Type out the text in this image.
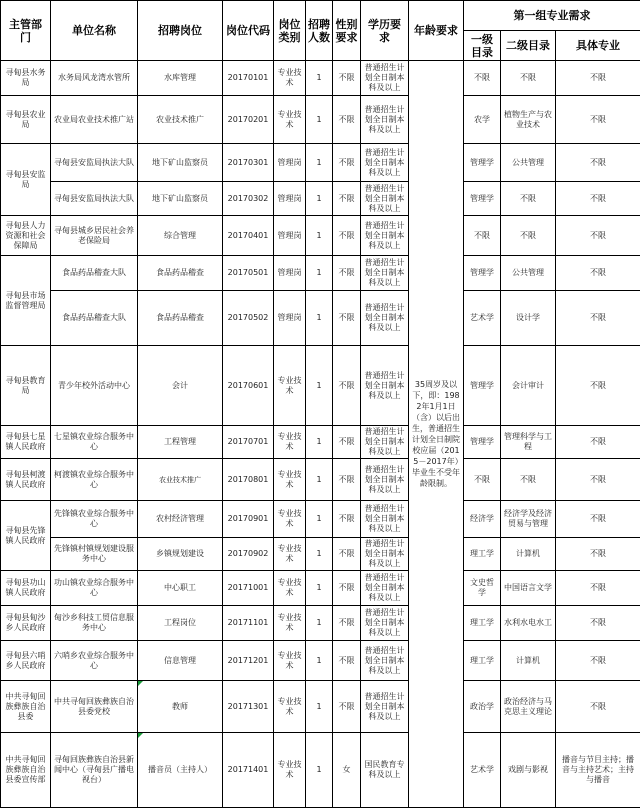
主管部门	单位名称	招聘岗位	岗位代码	岗位类别	招聘人数	性别要求	学历要求	年龄要求	第一组专业需求		
									一级目录	二级目录	具体专业
寻甸县水务局	水务局风龙湾水管所	水库管理	20170101	专业技术	1	不限	普通招生计划全日制本科及以上	35周岁及以下，即：1982年1月1日（含）以后出生，普通招生计划全日制院校应届（2015－2017年）毕业生不受年龄限制。	不限	不限	不限
寻甸县农业局	农业局农业技术推广站	农业技术推广	20170201	专业技术	1	不限	普通招生计划全日制本科及以上		农学	植物生产与农业技术	不限
寻甸县安监局	寻甸县安监局执法大队	地下矿山监察员	20170301	管理岗	1	不限	普通招生计划全日制本科及以上		管理学	公共管理	不限
	寻甸县安监局执法大队	地下矿山监察员	20170302	管理岗	1	不限	普通招生计划全日制本科及以上		管理学	不限	不限
寻甸县人力资源和社会保障局	寻甸县城乡居民社会养老保险局	综合管理	20170401	管理岗	1	不限	普通招生计划全日制本科及以上		不限	不限	不限
寻甸县市场监督管理局	食品药品稽查大队	食品药品稽查	20170501	管理岗	1	不限	普通招生计划全日制本科及以上		管理学	公共管理	不限
	食品药品稽查大队	食品药品稽查	20170502	管理岗	1	不限	普通招生计划全日制本科及以上		艺术学	设计学	不限
寻甸县教育局	青少年校外活动中心	会计	20170601	专业技术	1	不限	普通招生计划全日制本科及以上		管理学	会计审计	不限
寻甸县七星镇人民政府	七星镇农业综合服务中心	工程管理	20170701	专业技术	1	不限	普通招生计划全日制本科及以上		管理学	管理科学与工程	不限
寻甸县柯渡镇人民政府	柯渡镇农业综合服务中心	农业技术推广	20170801	专业技术	1	不限	普通招生计划全日制本科及以上		不限	不限	不限
寻甸县先锋镇人民政府	先锋镇农业综合服务中心	农村经济管理	20170901	专业技术	1	不限	普通招生计划全日制本科及以上		经济学	经济学及经济贸易与管理	不限
	先锋镇村镇规划建设服务中心	乡镇规划建设	20170902	专业技术	1	不限	普通招生计划全日制本科及以上		理工学	计算机	不限
寻甸县功山镇人民政府	功山镇农业综合服务中心	中心职工	20171001	专业技术	1	不限	普通招生计划全日制本科及以上		文史哲学	中国语言文学	不限
寻甸县甸沙乡人民政府	甸沙乡科技工贸信息服务中心	工程岗位	20171101	专业技术	1	不限	普通招生计划全日制本科及以上		理工学	水利水电水工	不限
寻甸县六哨乡人民政府	六哨乡农业综合服务中心	信息管理	20171201	专业技术	1	不限	普通招生计划全日制本科及以上		理工学	计算机	不限
中共寻甸回族彝族自治县委	中共寻甸回族彝族自治县委党校	教师	20171301	专业技术	1	不限	普通招生计划全日制本科及以上		政治学	政治经济与马克思主义理论	不限
中共寻甸回族彝族自治县委宣传部	寻甸回族彝族自治县新闻中心（寻甸县广播电视台）	播音员（主持人）	20171401	专业技术	1	女	国民教育专科及以上		艺术学	戏剧与影视	播音与节目主持；播音与主持艺术；主持与播音
